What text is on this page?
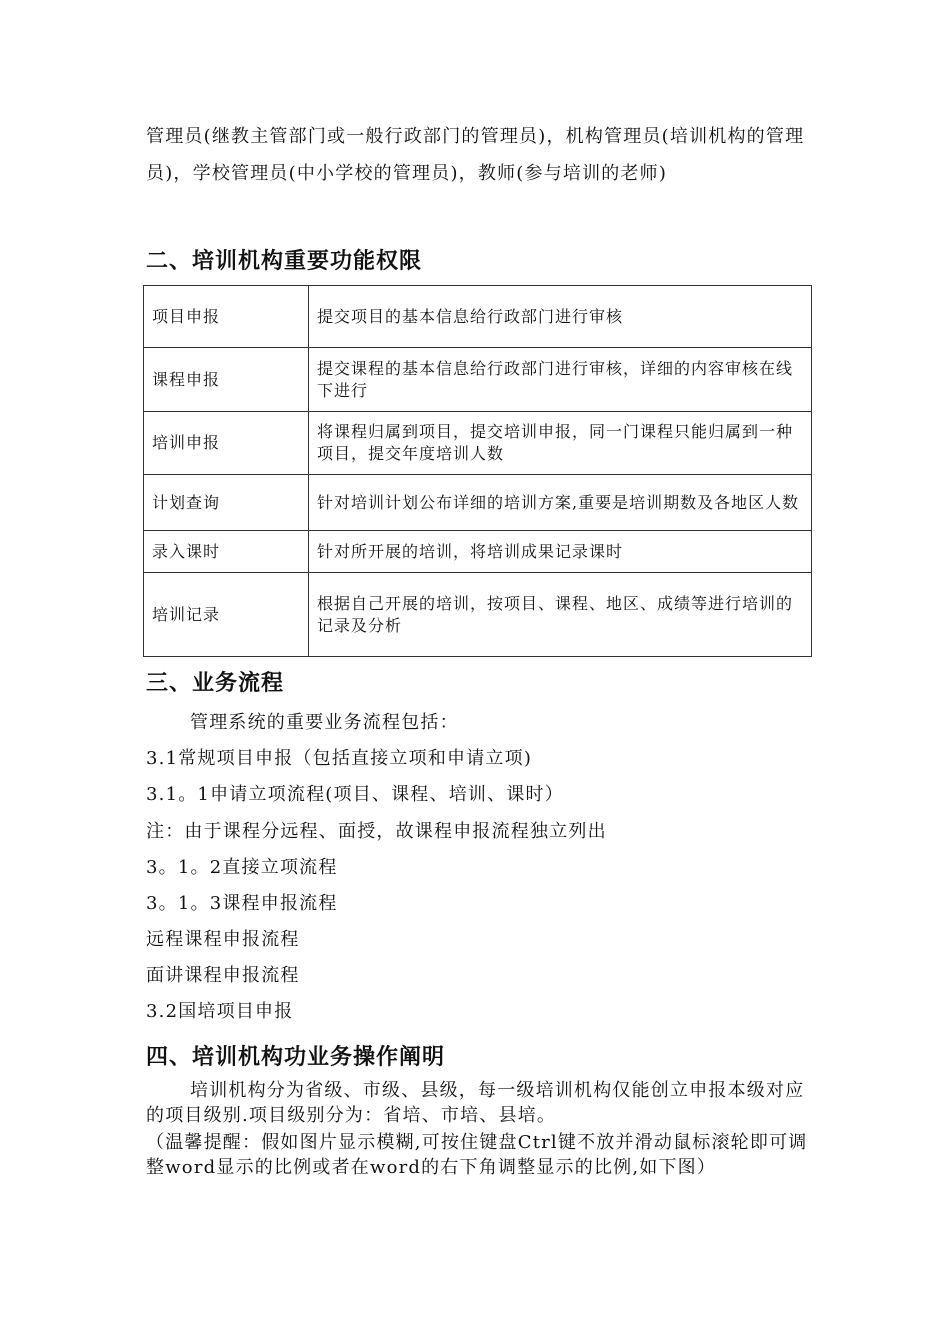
管理员(继教主管部门或一般行政部门的管理员)，机构管理员(培训机构的管理员)，学校管理员(中小学校的管理员)，教师(参与培训的老师)
二、培训机构重要功能权限
项目申报	提交项目的基本信息给行政部门进行审核
课程申报	提交课程的基本信息给行政部门进行审核，详细的内容审核在线下进行
培训申报	将课程归属到项目，提交培训申报，同一门课程只能归属到一种项目，提交年度培训人数
计划查询	针对培训计划公布详细的培训方案,重要是培训期数及各地区人数
录入课时	针对所开展的培训，将培训成果记录课时
培训记录	根据自己开展的培训，按项目、课程、地区、成绩等进行培训的记录及分析
三、业务流程
管理系统的重要业务流程包括：
3.1常规项目申报（包括直接立项和申请立项)
3.1。1申请立项流程(项目、课程、培训、课时）
注：由于课程分远程、面授，故课程申报流程独立列出
3。1。2直接立项流程
3。1。3课程申报流程
远程课程申报流程
面讲课程申报流程
3.2国培项目申报
四、培训机构功业务操作阐明
培训机构分为省级、市级、县级，每一级培训机构仅能创立申报本级对应的项目级别.项目级别分为：省培、市培、县培。
（温馨提醒：假如图片显示模糊,可按住键盘Ctrl键不放并滑动鼠标滚轮即可调整word显示的比例或者在word的右下角调整显示的比例,如下图）
